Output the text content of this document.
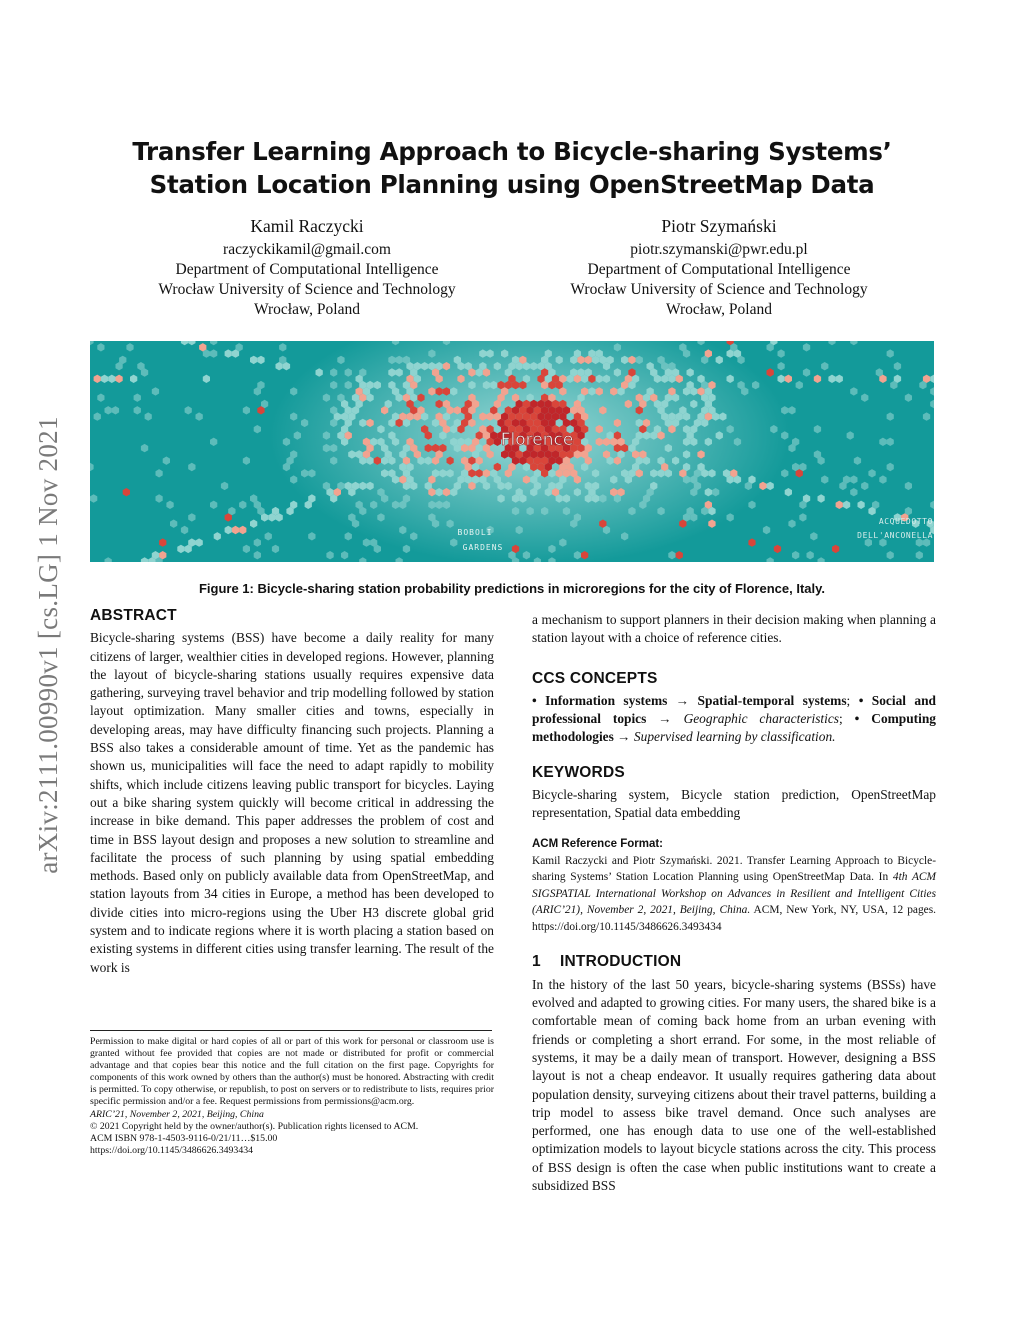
arXiv:2111.00990v1 [cs.LG] 1 Nov 2021
Transfer Learning Approach to Bicycle-sharing Systems’ Station Location Planning using OpenStreetMap Data
Kamil Raczycki
raczyckikamil@gmail.com
Department of Computational Intelligence
Wrocław University of Science and Technology
Wrocław, Poland
Piotr Szymański
piotr.szymanski@pwr.edu.pl
Department of Computational Intelligence
Wrocław University of Science and Technology
Wrocław, Poland
Florence
BOBOLI
GARDENS
ACQUEDOTTO
DELL'ANCONELLA
Figure 1: Bicycle-sharing station probability predictions in microregions for the city of Florence, Italy.
ABSTRACT

Bicycle-sharing systems (BSS) have become a daily reality for many citizens of larger, wealthier cities in developed regions. However, planning the layout of bicycle-sharing stations usually requires expensive data gathering, surveying travel behavior and trip modelling followed by station layout optimization. Many smaller cities and towns, especially in developing areas, may have difficulty financing such projects. Planning a BSS also takes a considerable amount of time. Yet as the pandemic has shown us, municipalities will face the need to adapt rapidly to mobility shifts, which include citizens leaving public transport for bicycles. Laying out a bike sharing system quickly will become critical in addressing the increase in bike demand. This paper addresses the problem of cost and time in BSS layout design and proposes a new solution to streamline and facilitate the process of such planning by using spatial embedding methods. Based only on publicly available data from OpenStreetMap, and station layouts from 34 cities in Europe, a method has been developed to divide cities into micro-regions using the Uber H3 discrete global grid system and to indicate regions where it is worth placing a station based on existing systems in different cities using transfer learning. The result of the work is

Permission to make digital or hard copies of all or part of this work for personal or classroom use is granted without fee provided that copies are not made or distributed for profit or commercial advantage and that copies bear this notice and the full citation on the first page. Copyrights for components of this work owned by others than the author(s) must be honored. Abstracting with credit is permitted. To copy otherwise, or republish, to post on servers or to redistribute to lists, requires prior specific permission and/or a fee. Request permissions from permissions@acm.org.
ARIC’21, November 2, 2021, Beijing, China
© 2021 Copyright held by the owner/author(s). Publication rights licensed to ACM.
ACM ISBN 978-1-4503-9116-0/21/11…$15.00
https://doi.org/10.1145/3486626.3493434

a mechanism to support planners in their decision making when planning a station layout with a choice of reference cities.

CCS CONCEPTS

• Information systems → Spatial-temporal systems; • Social and professional topics → Geographic characteristics; • Computing methodologies → Supervised learning by classification.

KEYWORDS

Bicycle-sharing system, Bicycle station prediction, OpenStreetMap representation, Spatial data embedding

ACM Reference Format:

Kamil Raczycki and Piotr Szymański. 2021. Transfer Learning Approach to Bicycle-sharing Systems’ Station Location Planning using OpenStreetMap Data. In 4th ACM SIGSPATIAL International Workshop on Advances in Resilient and Intelligent Cities (ARIC’21), November 2, 2021, Beijing, China. ACM, New York, NY, USA, 12 pages. https://doi.org/10.1145/3486626.3493434

1 INTRODUCTION

In the history of the last 50 years, bicycle-sharing systems (BSSs) have evolved and adapted to growing cities. For many users, the shared bike is a comfortable mean of coming back home from an urban evening with friends or completing a short errand. For some, in the most reliable of systems, it may be a daily mean of transport. However, designing a BSS layout is not a cheap endeavor. It usually requires gathering data about population density, surveying citizens about their travel patterns, building a trip model to assess bike travel demand. Once such analyses are performed, one has enough data to use one of the well-established optimization models to layout bicycle stations across the city. This process of BSS design is often the case when public institutions want to create a subsidized BSS
